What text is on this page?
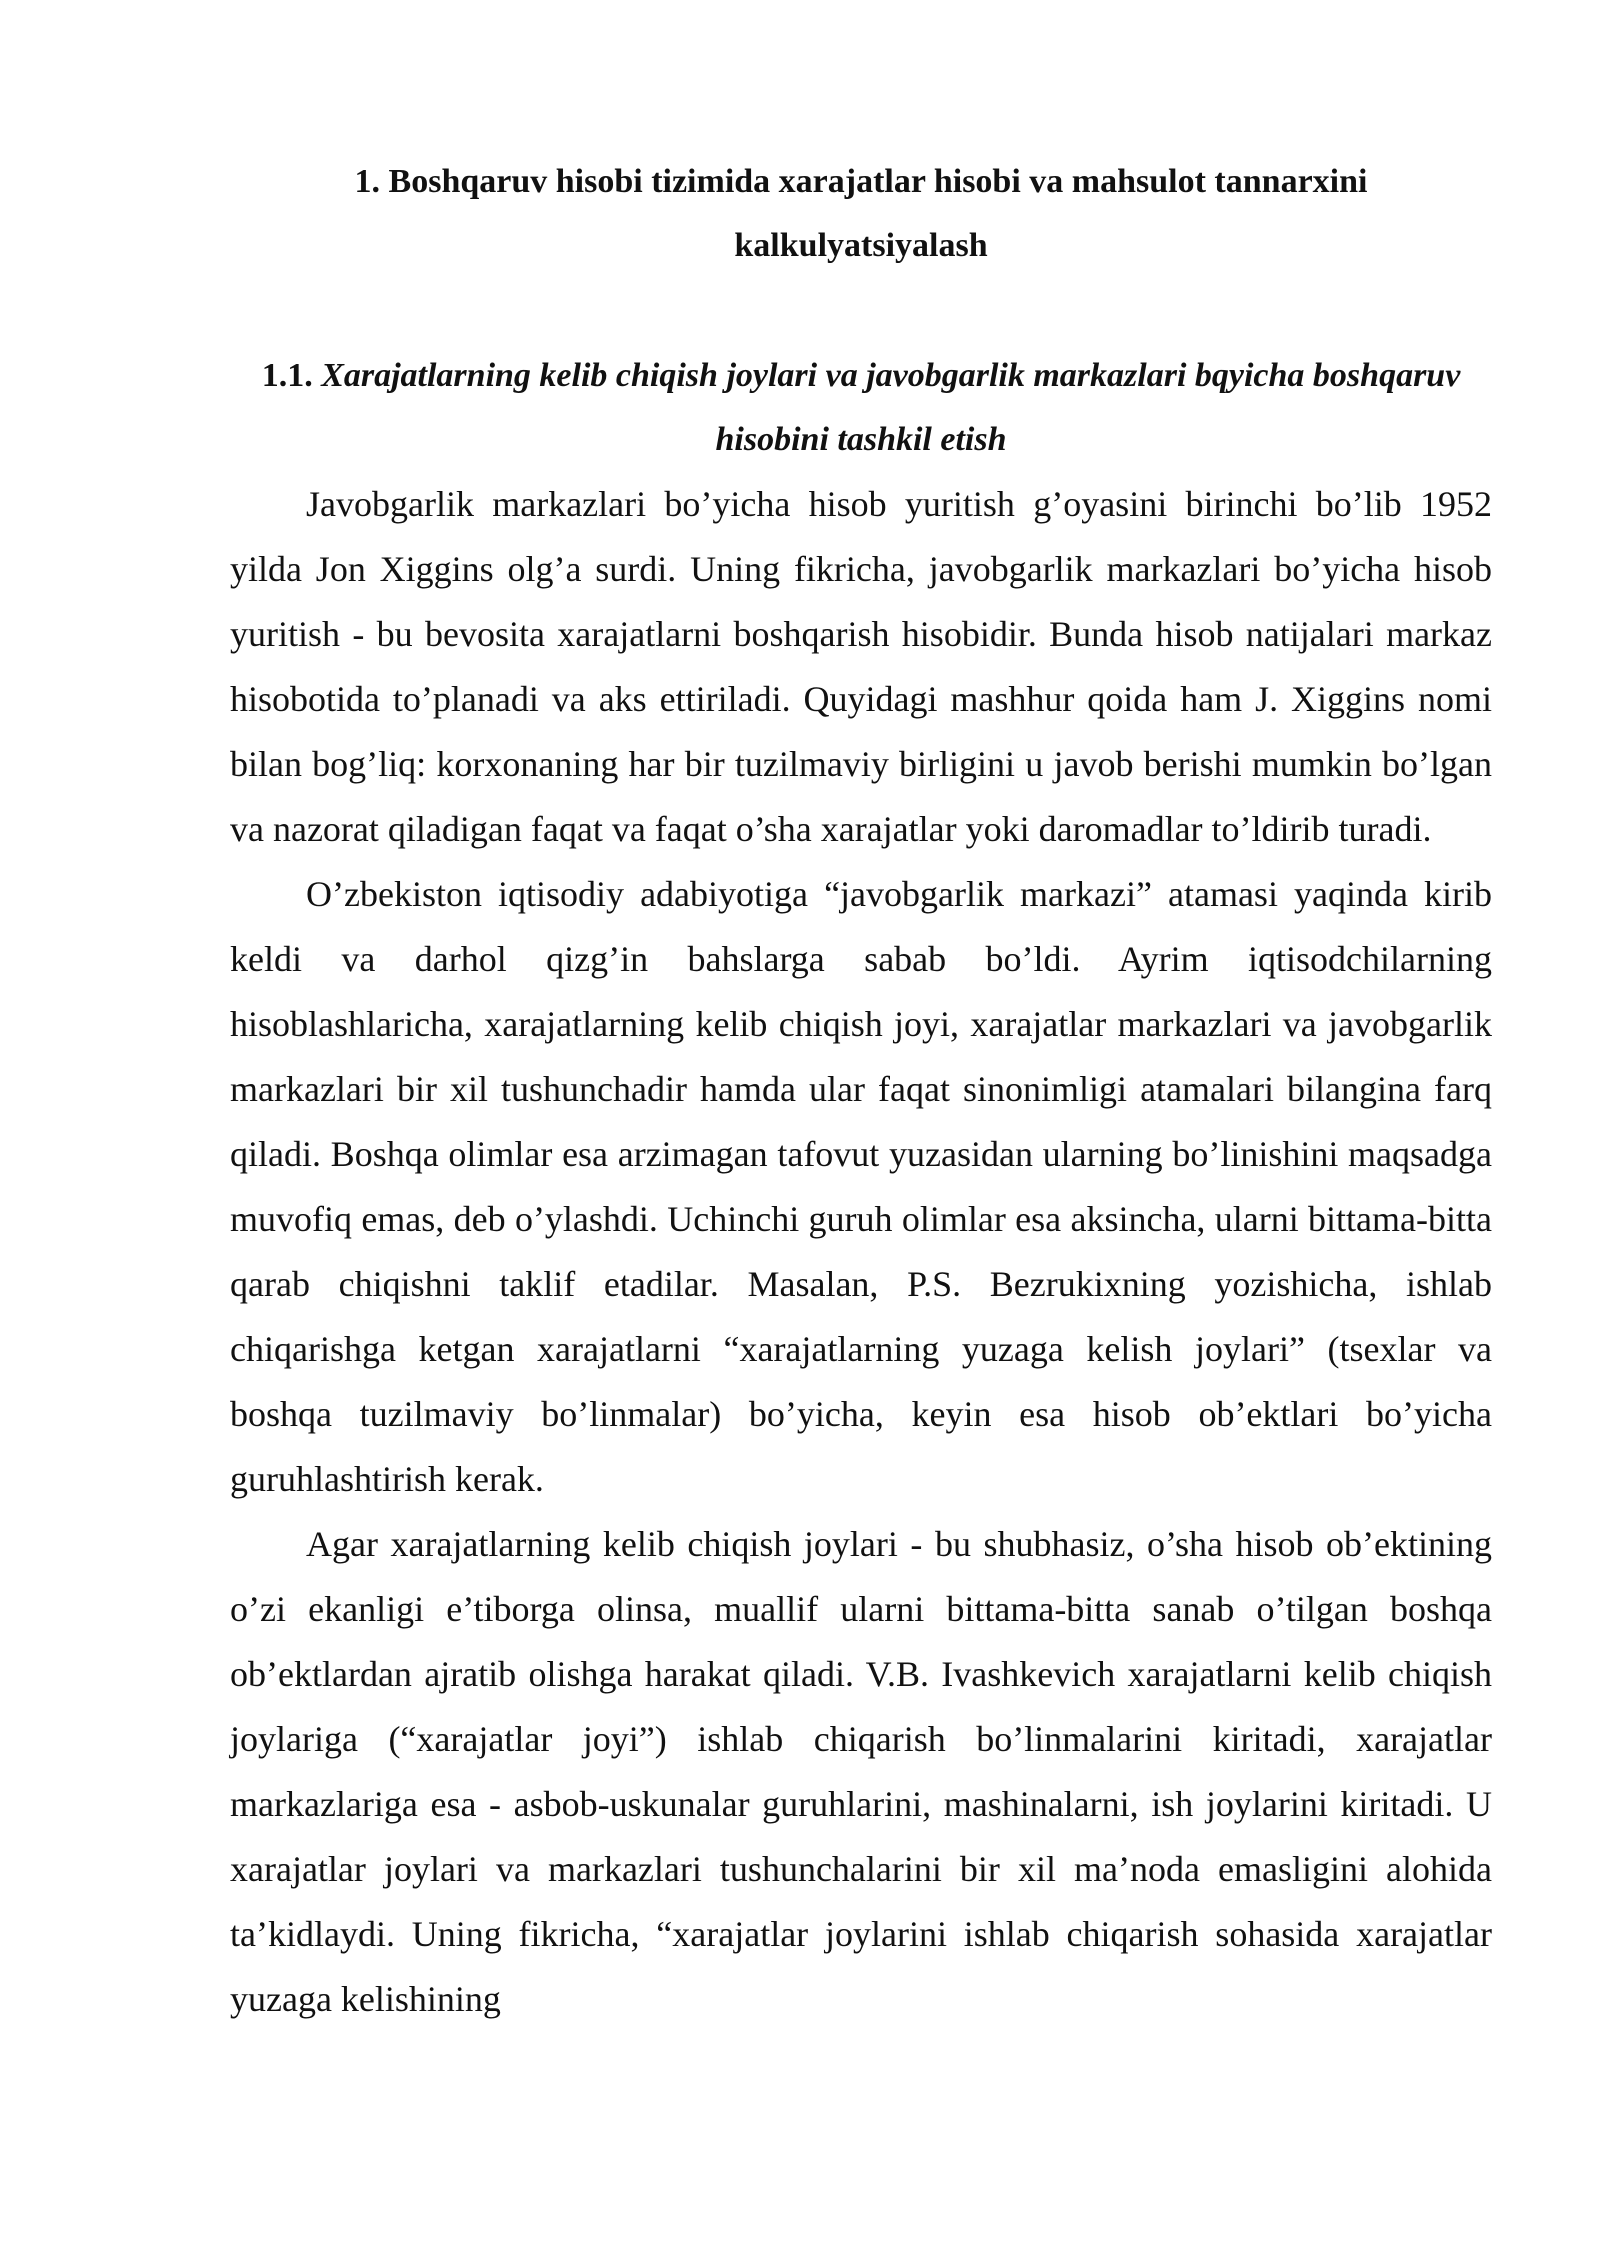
1. Boshqaruv hisobi tizimida xarajatlar hisobi va mahsulot tannarxini kalkulyatsiyalash
1.1. Xarajatlarning kelib chiqish joylari va javobgarlik markazlari bqyicha boshqaruv hisobini tashkil etish

Javobgarlik markazlari bo’yicha hisob yuritish g’oyasini birinchi bo’lib 1952 yilda Jon Xiggins olg’a surdi. Uning fikricha, javobgarlik markazlari bo’yicha hisob yuritish - bu bevosita xarajatlarni boshqarish hisobidir. Bunda hisob natijalari markaz hisobotida to’planadi va aks ettiriladi. Quyidagi mashhur qoida ham J. Xiggins nomi bilan bog’liq: korxonaning har bir tuzilmaviy birligini u javob berishi mumkin bo’lgan va nazorat qiladigan faqat va faqat o’sha xarajatlar yoki daromadlar to’ldirib turadi.

O’zbekiston iqtisodiy adabiyotiga “javobgarlik markazi” atamasi yaqinda kirib keldi va darhol qizg’in bahslarga sabab bo’ldi. Ayrim iqtisodchilarning hisoblashlaricha, xarajatlarning kelib chiqish joyi, xarajatlar markazlari va javobgarlik markazlari bir xil tushunchadir hamda ular faqat sinonimligi atamalari bilangina farq qiladi. Boshqa olimlar esa arzimagan tafovut yuzasidan ularning bo’linishini maqsadga muvofiq emas, deb o’ylashdi. Uchinchi guruh olimlar esa aksincha, ularni bittama-bitta qarab chiqishni taklif etadilar. Masalan, P.S. Bezrukixning yozishicha, ishlab chiqarishga ketgan xarajatlarni “xarajatlarning yuzaga kelish joylari” (tsexlar va boshqa tuzilmaviy bo’linmalar) bo’yicha, keyin esa hisob ob’ektlari bo’yicha guruhlashtirish kerak.

Agar xarajatlarning kelib chiqish joylari - bu shubhasiz, o’sha hisob ob’ektining o’zi ekanligi e’tiborga olinsa, muallif ularni bittama-bitta sanab o’tilgan boshqa ob’ektlardan ajratib olishga harakat qiladi. V.B. Ivashkevich xarajatlarni kelib chiqish joylariga (“xarajatlar joyi”) ishlab chiqarish bo’linmalarini kiritadi, xarajatlar markazlariga esa - asbob-uskunalar guruhlarini, mashinalarni, ish joylarini kiritadi. U xarajatlar joylari va markazlari tushunchalarini bir xil ma’noda emasligini alohida ta’kidlaydi. Uning fikricha, “xarajatlar joylarini ishlab chiqarish sohasida xarajatlar yuzaga kelishining
